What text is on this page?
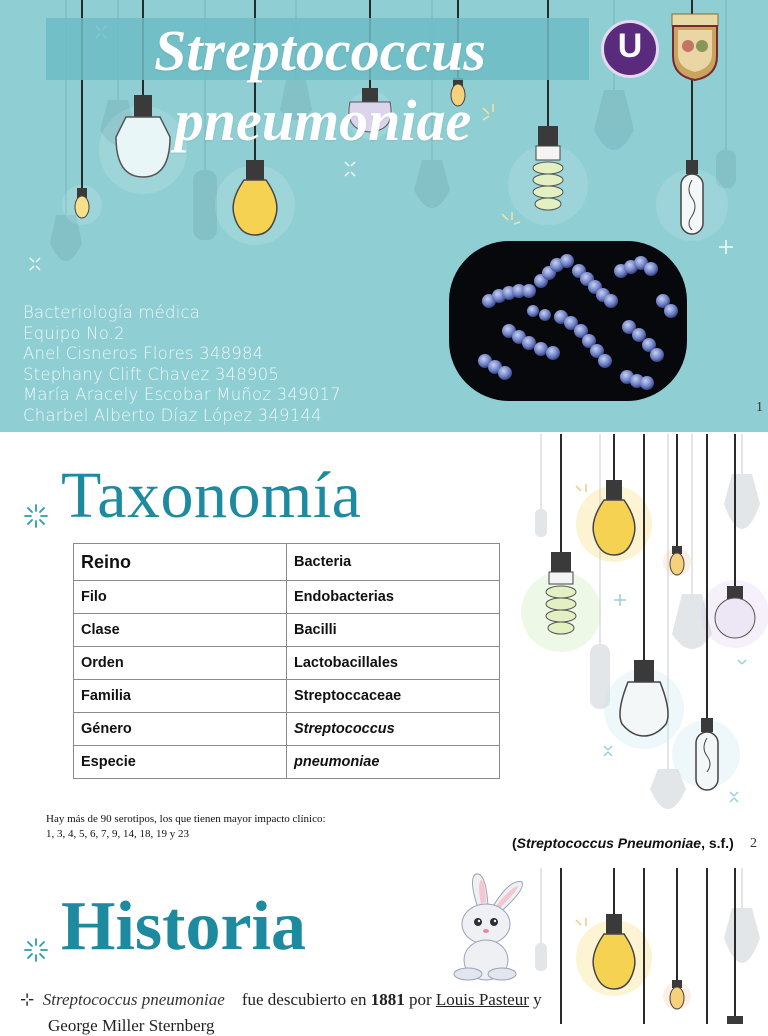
Streptococcus
pneumoniae
U
Bacteriología médica
Equipo No.2
Anel Cisneros Flores 348984
Stephany Clift Chavez 348905
María Aracely Escobar Muñoz 349017
Charbel Alberto Díaz López 349144	1
Taxonomía
Reino	Bacteria
Filo	Endobacterias
Clase	Bacilli
Orden	Lactobacillales
Familia	Streptoccaceae
Género	Streptococcus
Especie	pneumoniae
Hay más de 90 serotipos, los que tienen mayor impacto clínico:
1, 3, 4, 5, 6, 7, 9, 14, 18, 19 y 23
(Streptococcus Pneumoniae, s.f.)	2
Historia
⊹ Streptococcus pneumoniae    fue descubierto en 1881 por Louis Pasteur y
George Miller Sternberg
